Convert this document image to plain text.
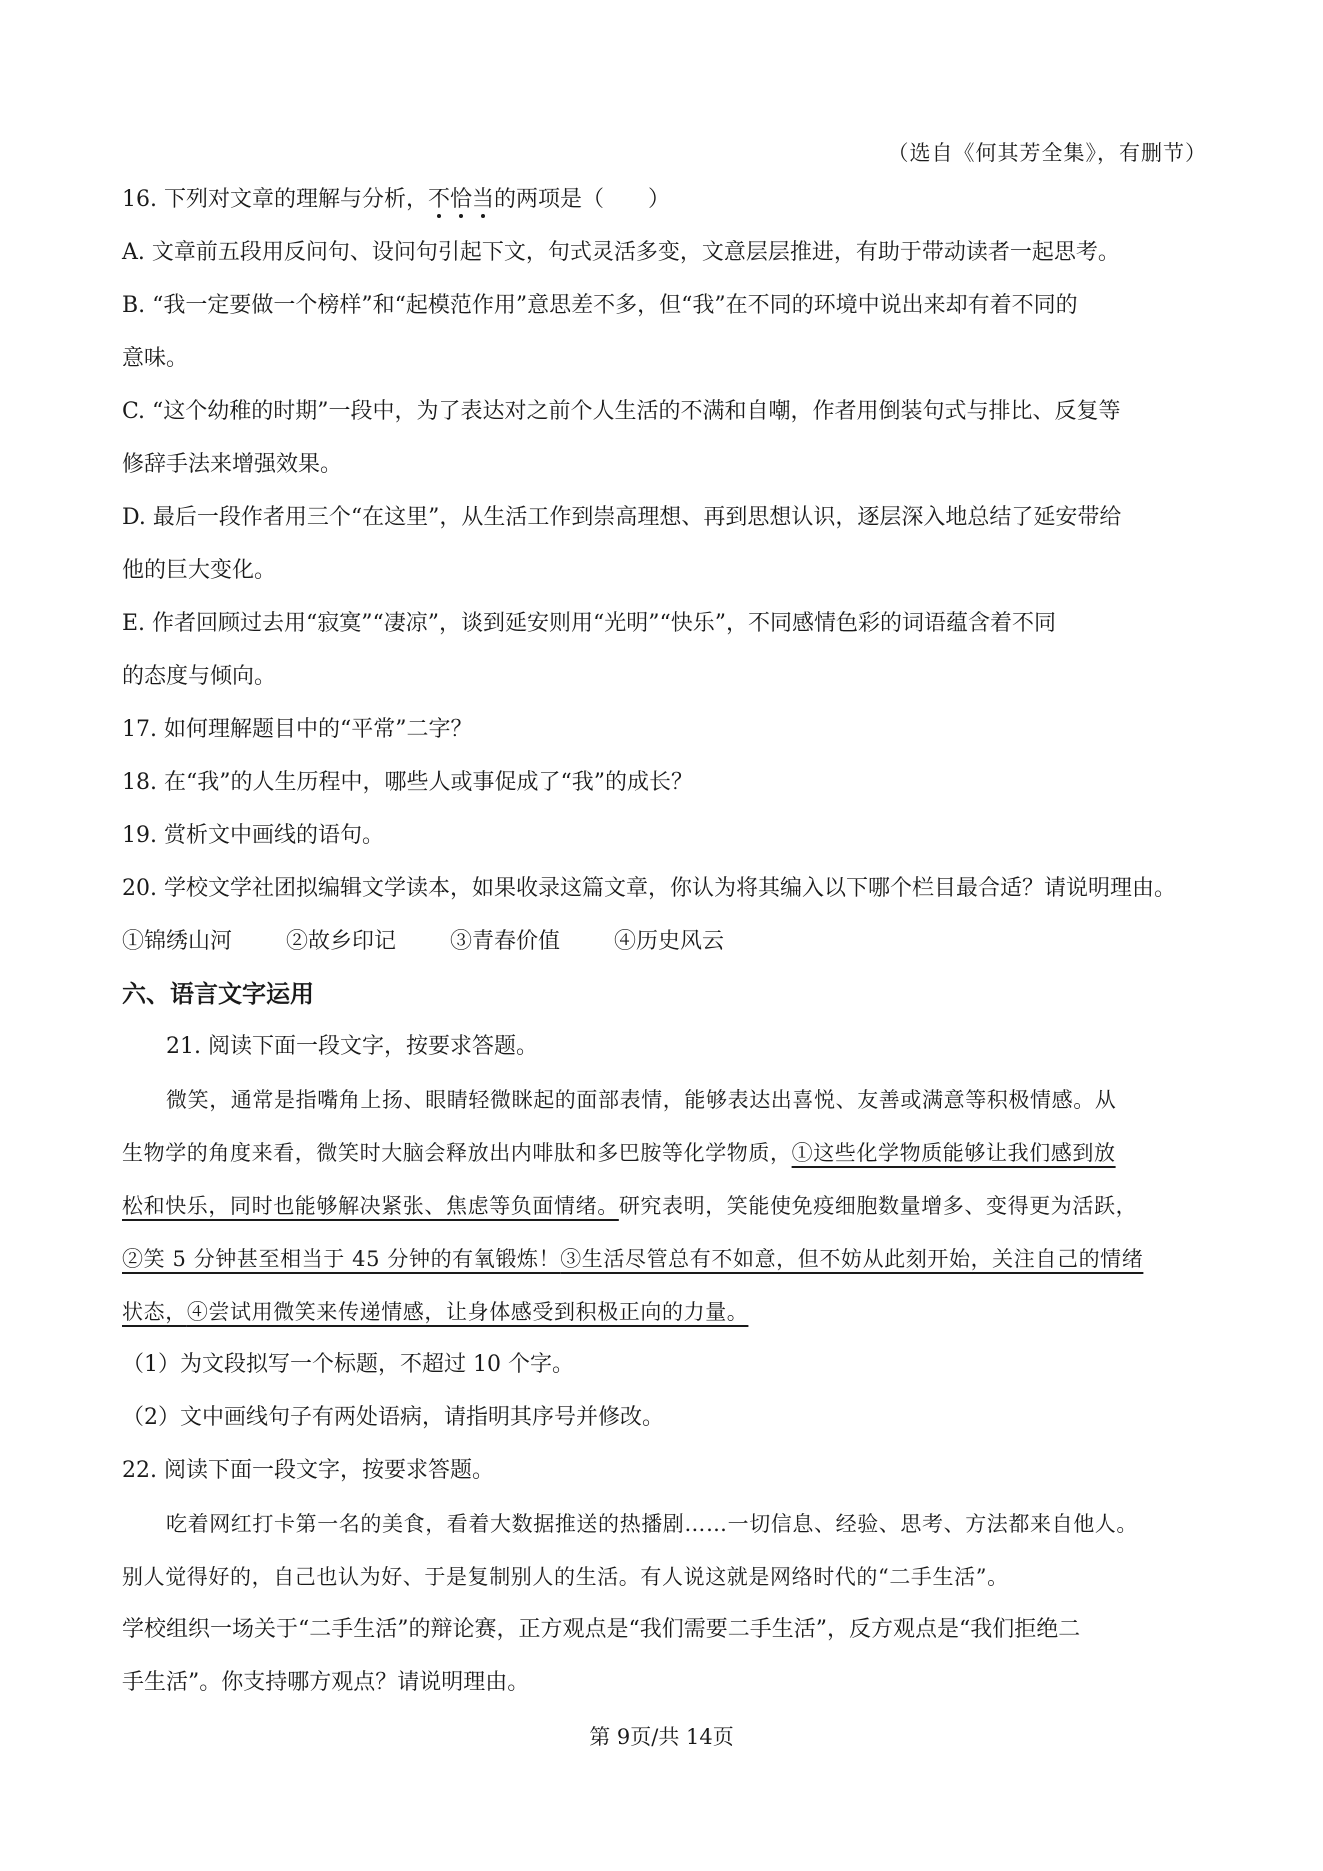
（选自《何其芳全集》，有删节）
16. 下列对文章的理解与分析，不恰当的两项是（　　）
A. 文章前五段用反问句、设问句引起下文，句式灵活多变，文意层层推进，有助于带动读者一起思考。
B. “我一定要做一个榜样”和“起模范作用”意思差不多，但“我”在不同的环境中说出来却有着不同的
意味。
C. “这个幼稚的时期”一段中，为了表达对之前个人生活的不满和自嘲，作者用倒装句式与排比、反复等
修辞手法来增强效果。
D. 最后一段作者用三个“在这里”，从生活工作到崇高理想、再到思想认识，逐层深入地总结了延安带给
他的巨大变化。
E. 作者回顾过去用“寂寞”“凄凉”，谈到延安则用“光明”“快乐”，不同感情色彩的词语蕴含着不同
的态度与倾向。
17. 如何理解题目中的“平常”二字？
18. 在“我”的人生历程中，哪些人或事促成了“我”的成长？
19. 赏析文中画线的语句。
20. 学校文学社团拟编辑文学读本，如果收录这篇文章，你认为将其编入以下哪个栏目最合适？请说明理由。
①锦绣山河 ②故乡印记 ③青春价值 ④历史风云
六、语言文字运用
21. 阅读下面一段文字，按要求答题。
微笑，通常是指嘴角上扬、眼睛轻微眯起的面部表情，能够表达出喜悦、友善或满意等积极情感。从
生物学的角度来看，微笑时大脑会释放出内啡肽和多巴胺等化学物质，①这些化学物质能够让我们感到放
松和快乐，同时也能够解决紧张、焦虑等负面情绪。研究表明，笑能使免疫细胞数量增多、变得更为活跃，
②笑 5 分钟甚至相当于 45 分钟的有氧锻炼！③生活尽管总有不如意，但不妨从此刻开始，关注自己的情绪
状态，④尝试用微笑来传递情感，让身体感受到积极正向的力量。
（1）为文段拟写一个标题，不超过 10 个字。
（2）文中画线句子有两处语病，请指明其序号并修改。
22. 阅读下面一段文字，按要求答题。
吃着网红打卡第一名的美食，看着大数据推送的热播剧……一切信息、经验、思考、方法都来自他人。
别人觉得好的，自己也认为好、于是复制别人的生活。有人说这就是网络时代的“二手生活”。
学校组织一场关于“二手生活”的辩论赛，正方观点是“我们需要二手生活”，反方观点是“我们拒绝二
手生活”。你支持哪方观点？请说明理由。
第 9页/共 14页
